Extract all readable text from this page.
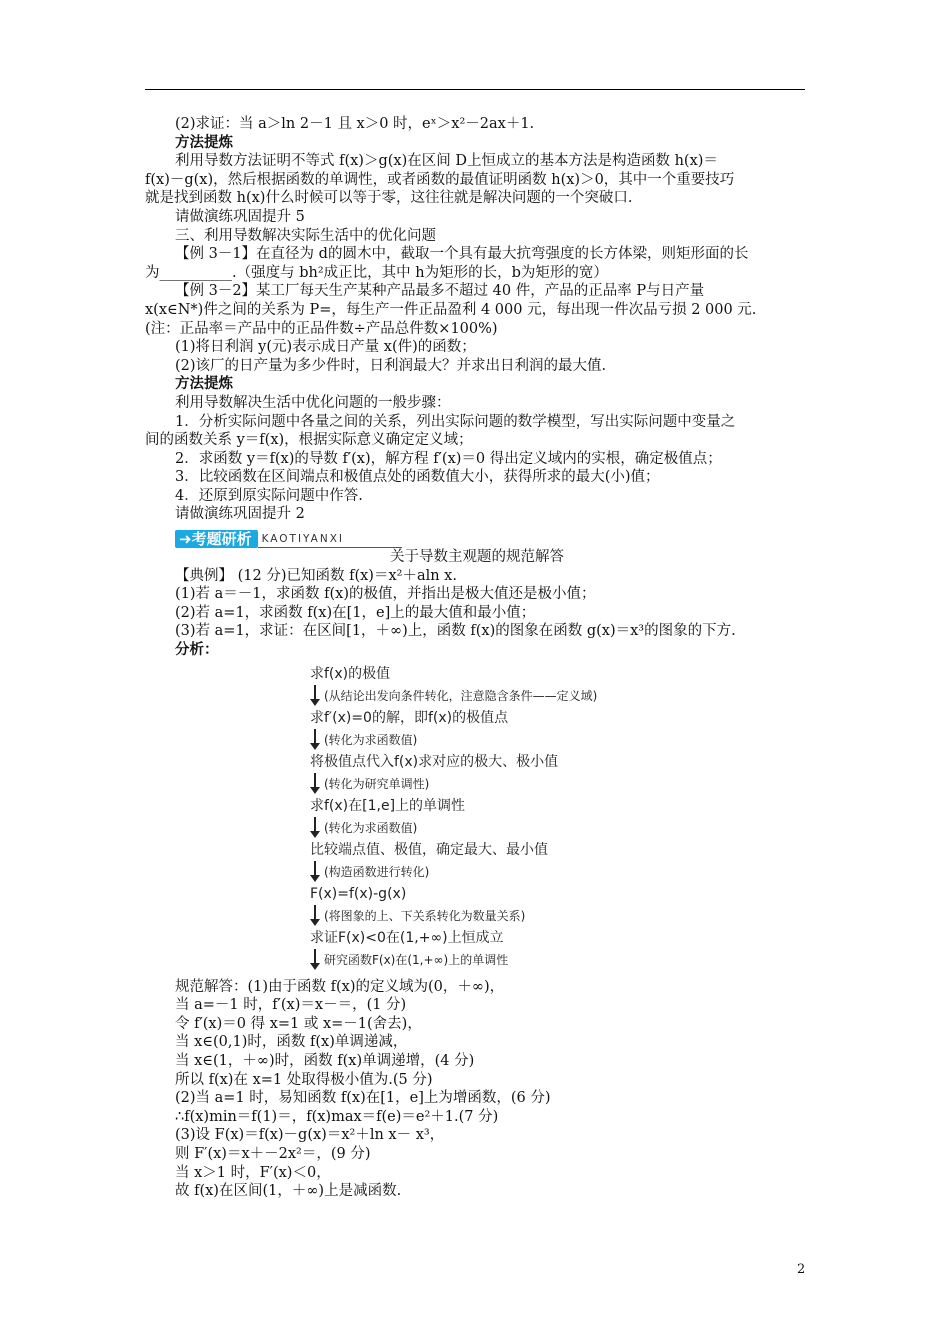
(2)求证：当 a＞ln 2－1 且 x＞0 时，eˣ＞x²－2ax＋1.
方法提炼
利用导数方法证明不等式 f(x)＞g(x)在区间 D上恒成立的基本方法是构造函数 h(x)＝
f(x)－g(x)，然后根据函数的单调性，或者函数的最值证明函数 h(x)＞0，其中一个重要技巧
就是找到函数 h(x)什么时候可以等于零，这往往就是解决问题的一个突破口.
请做演练巩固提升 5
三、利用导数解决实际生活中的优化问题
【例 3－1】在直径为 d的圆木中，截取一个具有最大抗弯强度的长方体梁，则矩形面的长
为__________.（强度与 bh²成正比，其中 h为矩形的长，b为矩形的宽）
【例 3－2】某工厂每天生产某种产品最多不超过 40 件，产品的正品率 P与日产量
x(x∈N*)件之间的关系为 P=，每生产一件正品盈利 4 000 元，每出现一件次品亏损 2 000 元.
(注：正品率＝产品中的正品件数÷产品总件数×100%)
(1)将日利润 y(元)表示成日产量 x(件)的函数；
(2)该厂的日产量为多少件时，日利润最大？并求出日利润的最大值.
方法提炼
利用导数解决生活中优化问题的一般步骤：
1．分析实际问题中各量之间的关系，列出实际问题的数学模型，写出实际问题中变量之
间的函数关系 y＝f(x)，根据实际意义确定定义域；
2．求函数 y＝f(x)的导数 f′(x)，解方程 f′(x)＝0 得出定义域内的实根，确定极值点；
3．比较函数在区间端点和极值点处的函数值大小，获得所求的最大(小)值；
4．还原到原实际问题中作答.
请做演练巩固提升 2
➜考题研析 KAOTIYANXI
关于导数主观题的规范解答
【典例】 (12 分)已知函数 f(x)＝x²＋aln x.
(1)若 a＝－1，求函数 f(x)的极值，并指出是极大值还是极小值；
(2)若 a=1，求函数 f(x)在[1，e]上的最大值和最小值；
(3)若 a=1，求证：在区间[1，＋∞)上，函数 f(x)的图象在函数 g(x)＝x³的图象的下方.
分析：
求f(x)的极值
(从结论出发向条件转化，注意隐含条件——定义域)
求f′(x)=0的解，即f(x)的极值点
(转化为求函数值)
将极值点代入f(x)求对应的极大、极小值
(转化为研究单调性)
求f(x)在[1,e]上的单调性
(转化为求函数值)
比较端点值、极值，确定最大、最小值
(构造函数进行转化)
F(x)=f(x)-g(x)
(将图象的上、下关系转化为数量关系)
求证F(x)<0在(1,+∞)上恒成立
研究函数F(x)在(1,+∞)上的单调性
规范解答：(1)由于函数 f(x)的定义域为(0，＋∞)，
当 a=－1 时，f′(x)＝x－＝，(1 分)
令 f′(x)＝0 得 x=1 或 x=－1(舍去)，
当 x∈(0,1)时，函数 f(x)单调递减，
当 x∈(1，＋∞)时，函数 f(x)单调递增，(4 分)
所以 f(x)在 x=1 处取得极小值为.(5 分)
(2)当 a=1 时，易知函数 f(x)在[1，e]上为增函数，(6 分)
∴f(x)min＝f(1)＝，f(x)max＝f(e)＝e²＋1.(7 分)
(3)设 F(x)＝f(x)－g(x)＝x²＋ln x－ x³，
则 F′(x)＝x＋－2x²＝，(9 分)
当 x＞1 时，F′(x)＜0，
故 f(x)在区间(1，＋∞)上是减函数.
2
